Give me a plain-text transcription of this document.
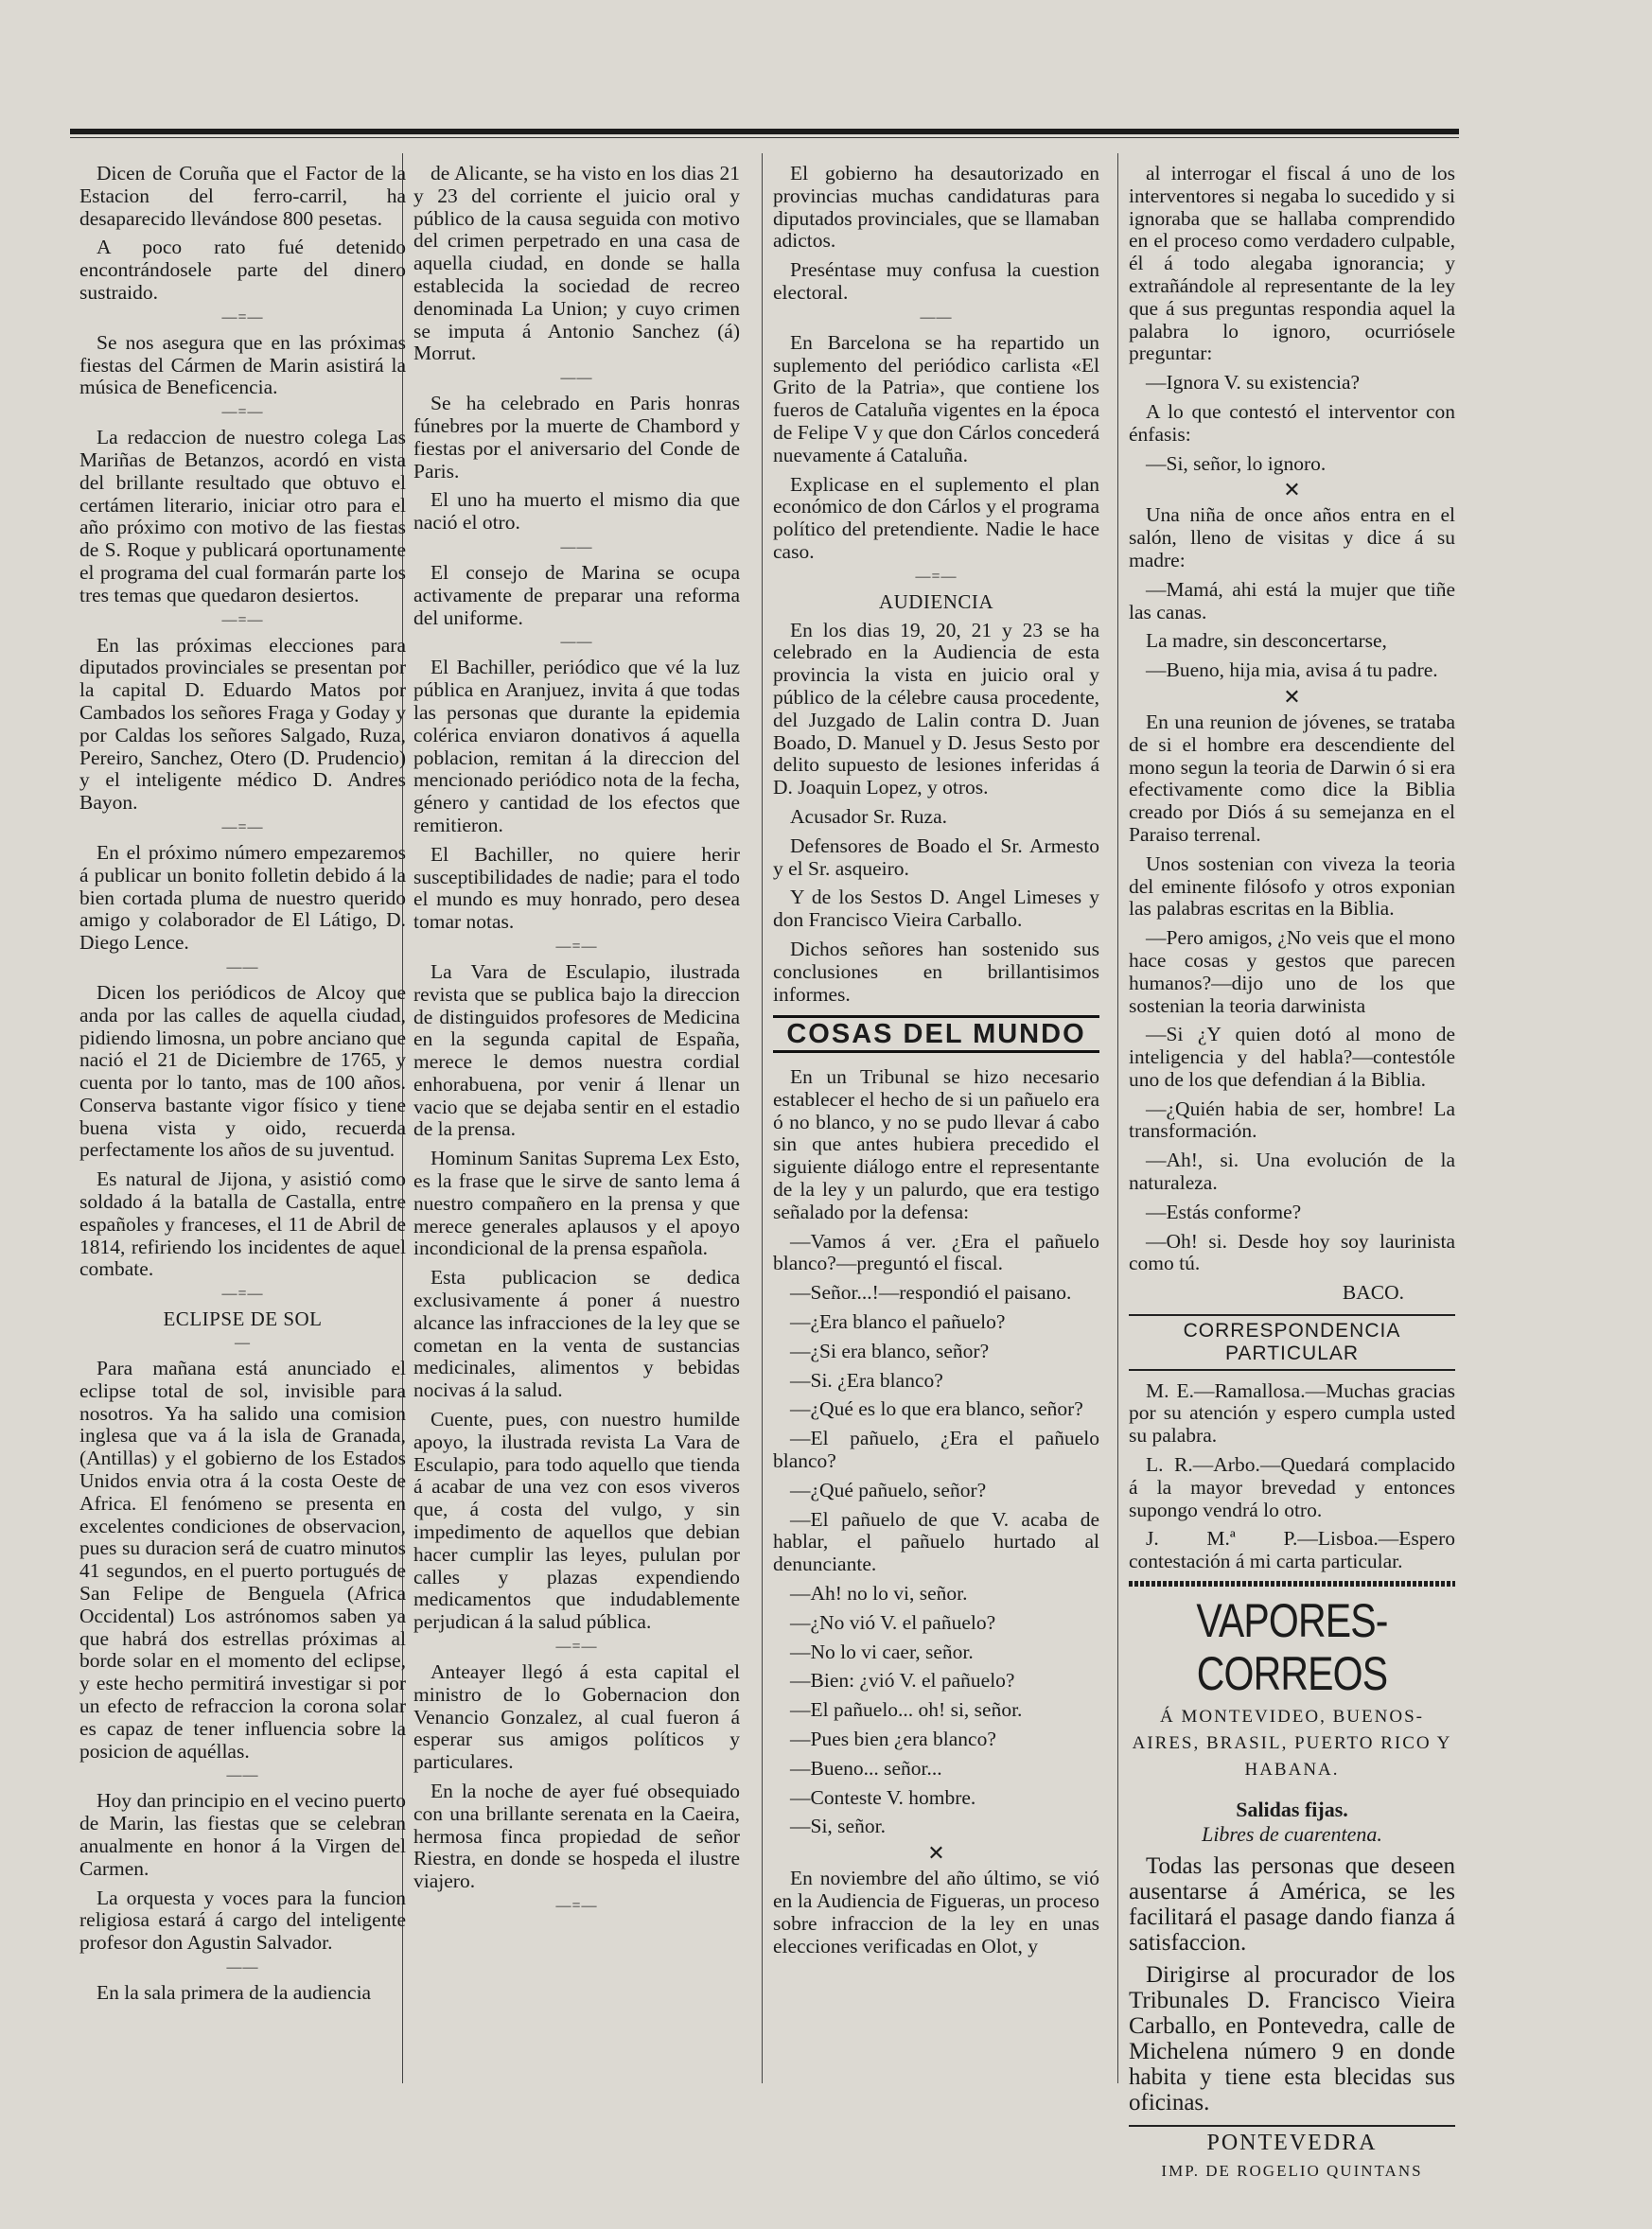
Dicen de Coruña que el Factor de la Estacion del ferro-carril, ha desaparecido llevándose 800 pesetas.

A poco rato fué detenido encontrándosele parte del dinero sustraido.

—=—

Se nos asegura que en las próximas fiestas del Cármen de Marin asistirá la música de Beneficencia.

—=—

La redaccion de nuestro colega Las Mariñas de Betanzos, acordó en vista del brillante resultado que obtuvo el certámen literario, iniciar otro para el año próximo con motivo de las fiestas de S. Roque y publicará oportunamente el programa del cual formarán parte los tres temas que quedaron desiertos.

—=—

En las próximas elecciones para diputados provinciales se presentan por la capital D. Eduardo Matos por Cambados los señores Fraga y Goday y por Caldas los señores Salgado, Ruza, Pereiro, Sanchez, Otero (D. Prudencio) y el inteligente médico D. Andres Bayon.

—=—

En el próximo número empezaremos á publicar un bonito folletin debido á la bien cortada pluma de nuestro querido amigo y colaborador de El Látigo, D. Diego Lence.

——

Dicen los periódicos de Alcoy que anda por las calles de aquella ciudad, pidiendo limosna, un pobre anciano que nació el 21 de Diciembre de 1765, y cuenta por lo tanto, mas de 100 años. Conserva bastante vigor físico y tiene buena vista y oido, recuerda perfectamente los años de su juventud.

Es natural de Jijona, y asistió como soldado á la batalla de Castalla, entre españoles y franceses, el 11 de Abril de 1814, refiriendo los incidentes de aquel combate.

—=—
ECLIPSE DE SOL
—

Para mañana está anunciado el eclipse total de sol, invisible para nosotros. Ya ha salido una comision inglesa que va á la isla de Granada, (Antillas) y el gobierno de los Estados Unidos envia otra á la costa Oeste de Africa. El fenómeno se presenta en excelentes condiciones de observacion, pues su duracion será de cuatro minutos 41 segundos, en el puerto portugués de San Felipe de Benguela (Africa Occidental) Los astrónomos saben ya que habrá dos estrellas próximas al borde solar en el momento del eclipse, y este hecho permitirá investigar si por un efecto de refraccion la corona solar es capaz de tener influencia sobre la posicion de aquéllas.

——

Hoy dan principio en el vecino puerto de Marin, las fiestas que se celebran anualmente en honor á la Virgen del Carmen.

La orquesta y voces para la funcion religiosa estará á cargo del inteligente profesor don Agustin Salvador.

——

En la sala primera de la audiencia

de Alicante, se ha visto en los dias 21 y 23 del corriente el juicio oral y público de la causa seguida con motivo del crimen perpetrado en una casa de aquella ciudad, en donde se halla establecida la sociedad de recreo denominada La Union; y cuyo crimen se imputa á Antonio Sanchez (á) Morrut.

——

Se ha celebrado en Paris honras fúnebres por la muerte de Chambord y fiestas por el aniversario del Conde de Paris.

El uno ha muerto el mismo dia que nació el otro.

——

El consejo de Marina se ocupa activamente de preparar una reforma del uniforme.

——

El Bachiller, periódico que vé la luz pública en Aranjuez, invita á que todas las personas que durante la epidemia colérica enviaron donativos á aquella poblacion, remitan á la direccion del mencionado periódico nota de la fecha, género y cantidad de los efectos que remitieron.

El Bachiller, no quiere herir susceptibilidades de nadie; para el todo el mundo es muy honrado, pero desea tomar notas.

—=—

La Vara de Esculapio, ilustrada revista que se publica bajo la direccion de distinguidos profesores de Medicina en la segunda capital de España, merece le demos nuestra cordial enhorabuena, por venir á llenar un vacio que se dejaba sentir en el estadio de la prensa.

Hominum Sanitas Suprema Lex Esto, es la frase que le sirve de santo lema á nuestro compañero en la prensa y que merece generales aplausos y el apoyo incondicional de la prensa española.

Esta publicacion se dedica exclusivamente á poner á nuestro alcance las infracciones de la ley que se cometan en la venta de sustancias medicinales, alimentos y bebidas nocivas á la salud.

Cuente, pues, con nuestro humilde apoyo, la ilustrada revista La Vara de Esculapio, para todo aquello que tienda á acabar de una vez con esos viveros que, á costa del vulgo, y sin impedimento de aquellos que debian hacer cumplir las leyes, pululan por calles y plazas expendiendo medicamentos que indudablemente perjudican á la salud pública.

—=—

Anteayer llegó á esta capital el ministro de lo Gobernacion don Venancio Gonzalez, al cual fueron á esperar sus amigos políticos y particulares.

En la noche de ayer fué obsequiado con una brillante serenata en la Caeira, hermosa finca propiedad de señor Riestra, en donde se hospeda el ilustre viajero.

—=—

El gobierno ha desautorizado en provincias muchas candidaturas para diputados provinciales, que se llamaban adictos.

Preséntase muy confusa la cuestion electoral.

——

En Barcelona se ha repartido un suplemento del periódico carlista «El Grito de la Patria», que contiene los fueros de Cataluña vigentes en la época de Felipe V y que don Cárlos concederá nuevamente á Cataluña.

Explicase en el suplemento el plan económico de don Cárlos y el programa político del pretendiente. Nadie le hace caso.

—=—
AUDIENCIA

En los dias 19, 20, 21 y 23 se ha celebrado en la Audiencia de esta provincia la vista en juicio oral y público de la célebre causa procedente, del Juzgado de Lalin contra D. Juan Boado, D. Manuel y D. Jesus Sesto por delito supuesto de lesiones inferidas á D. Joaquin Lopez, y otros.

Acusador Sr. Ruza.

Defensores de Boado el Sr. Armesto y el Sr. asqueiro.

Y de los Sestos D. Angel Limeses y don Francisco Vieira Carballo.

Dichos señores han sostenido sus conclusiones en brillantisimos informes.

COSAS DEL MUNDO

En un Tribunal se hizo necesario establecer el hecho de si un pañuelo era ó no blanco, y no se pudo llevar á cabo sin que antes hubiera precedido el siguiente diálogo entre el representante de la ley y un palurdo, que era testigo señalado por la defensa:

—Vamos á ver. ¿Era el pañuelo blanco?—preguntó el fiscal.

—Señor...!—respondió el paisano.

—¿Era blanco el pañuelo?

—¿Si era blanco, señor?

—Si. ¿Era blanco?

—¿Qué es lo que era blanco, señor?

—El pañuelo, ¿Era el pañuelo blanco?

—¿Qué pañuelo, señor?

—El pañuelo de que V. acaba de hablar, el pañuelo hurtado al denunciante.

—Ah! no lo vi, señor.

—¿No vió V. el pañuelo?

—No lo vi caer, señor.

—Bien: ¿vió V. el pañuelo?

—El pañuelo... oh! si, señor.

—Pues bien ¿era blanco?

—Bueno... señor...

—Conteste V. hombre.

—Si, señor.

✕

En noviembre del año último, se vió en la Audiencia de Figueras, un proceso sobre infraccion de la ley en unas elecciones verificadas en Olot, y

al interrogar el fiscal á uno de los interventores si negaba lo sucedido y si ignoraba que se hallaba comprendido en el proceso como verdadero culpable, él á todo alegaba ignorancia; y extrañándole al representante de la ley que á sus preguntas respondia aquel la palabra lo ignoro, ocurriósele preguntar:

—Ignora V. su existencia?

A lo que contestó el interventor con énfasis:

—Si, señor, lo ignoro.

✕

Una niña de once años entra en el salón, lleno de visitas y dice á su madre:

—Mamá, ahi está la mujer que tiñe las canas.

La madre, sin desconcertarse,

—Bueno, hija mia, avisa á tu padre.

✕

En una reunion de jóvenes, se trataba de si el hombre era descendiente del mono segun la teoria de Darwin ó si era efectivamente como dice la Biblia creado por Diós á su semejanza en el Paraiso terrenal.

Unos sostenian con viveza la teoria del eminente filósofo y otros exponian las palabras escritas en la Biblia.

—Pero amigos, ¿No veis que el mono hace cosas y gestos que parecen humanos?—dijo uno de los que sostenian la teoria darwinista

—Si ¿Y quien dotó al mono de inteligencia y del habla?—contestóle uno de los que defendian á la Biblia.

—¿Quién habia de ser, hombre! La transformación.

—Ah!, si. Una evolución de la naturaleza.

—Estás conforme?

—Oh! si. Desde hoy soy laurinista como tú.

BACO.
CORRESPONDENCIA PARTICULAR

M. E.—Ramallosa.—Muchas gracias por su atención y espero cumpla usted su palabra.

L. R.—Arbo.—Quedará complacido á la mayor brevedad y entonces supongo vendrá lo otro.

J. M.ª P.—Lisboa.—Espero contestación á mi carta particular.

VAPORES-CORREOS
Á MONTEVIDEO, BUENOS-AIRES, BRASIL, PUERTO RICO Y HABANA.
Salidas fijas.
Libres de cuarentena.

Todas las personas que deseen ausentarse á América, se les facilitará el pasage dando fianza á satisfaccion.

Dirigirse al procurador de los Tribunales D. Francisco Vieira Carballo, en Pontevedra, calle de Michelena número 9 en donde habita y tiene esta blecidas sus oficinas.

PONTEVEDRA
IMP. DE ROGELIO QUINTANS
